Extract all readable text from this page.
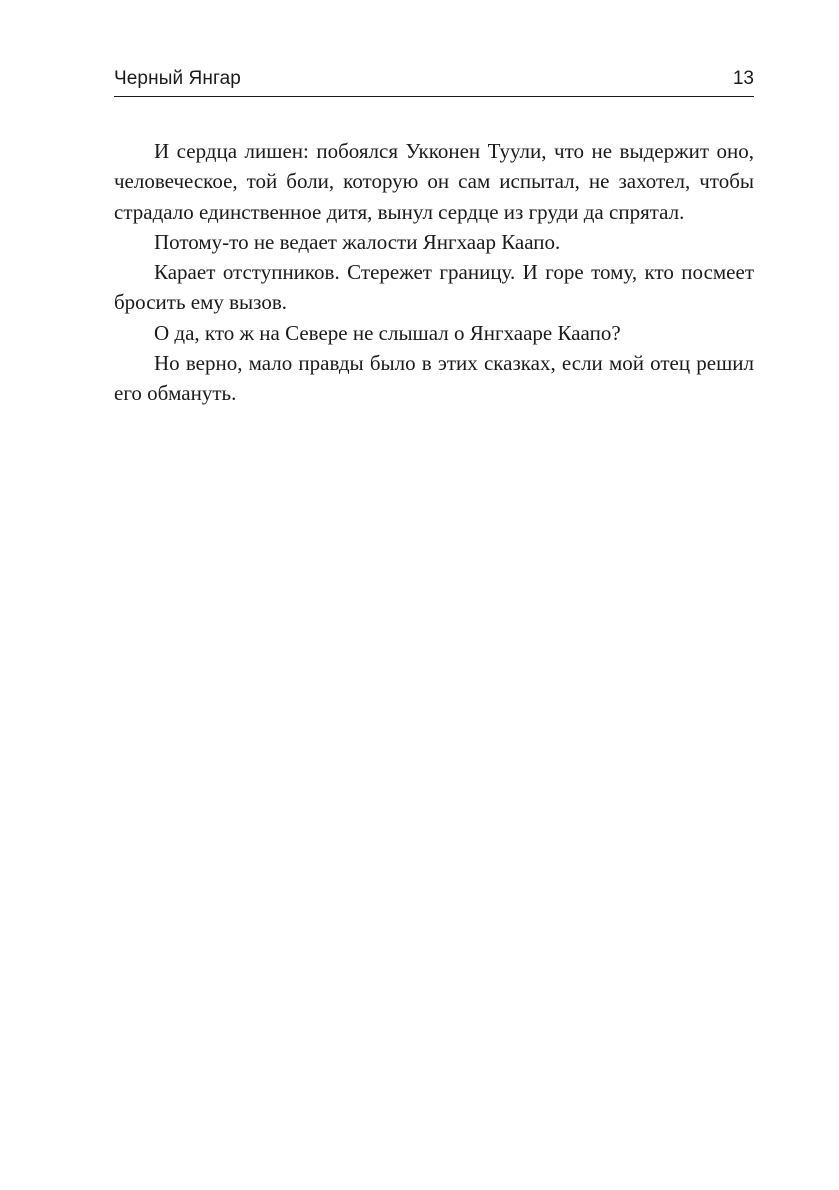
Черный Янгар	13

И сердца лишен: побоялся Укконен Туули, что не выдержит оно, человеческое, той боли, которую он сам испытал, не захотел, чтобы страдало единственное дитя, вынул сердце из груди да спрятал.

Потому-то не ведает жалости Янгхаар Каапо.

Карает отступников. Стережет границу. И горе тому, кто посмеет бросить ему вызов.

О да, кто ж на Севере не слышал о Янгхааре Каапо?

Но верно, мало правды было в этих сказках, если мой отец решил его обмануть.
